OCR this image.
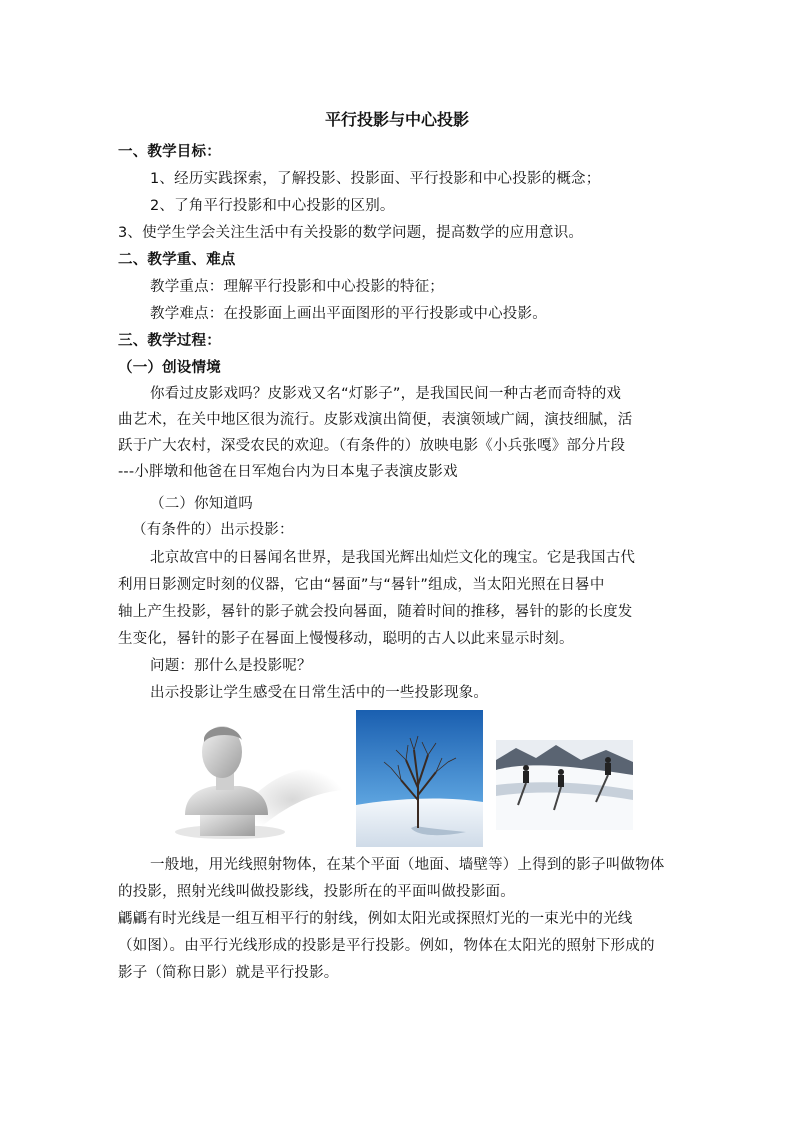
平行投影与中心投影
一、教学目标：
1、经历实践探索，了解投影、投影面、平行投影和中心投影的概念；
2、了角平行投影和中心投影的区别。
3、使学生学会关注生活中有关投影的数学问题，提高数学的应用意识。
二、教学重、难点
教学重点：理解平行投影和中心投影的特征；
教学难点：在投影面上画出平面图形的平行投影或中心投影。
三、教学过程：
（一）创设情境
你看过皮影戏吗？皮影戏又名“灯影子”，是我国民间一种古老而奇特的戏
曲艺术，在关中地区很为流行。皮影戏演出简便，表演领域广阔，演技细腻，活
跃于广大农村，深受农民的欢迎。（有条件的）放映电影《小兵张嘎》部分片段
---小胖墩和他爸在日军炮台内为日本鬼子表演皮影戏
（二）你知道吗
（有条件的）出示投影：
北京故宫中的日晷闻名世界，是我国光辉出灿烂文化的瑰宝。它是我国古代
利用日影测定时刻的仪器，它由“晷面”与“晷针”组成，当太阳光照在日晷中
轴上产生投影，晷针的影子就会投向晷面，随着时间的推移，晷针的影的长度发
生变化，晷针的影子在晷面上慢慢移动，聪明的古人以此来显示时刻。
问题：那什么是投影呢？
出示投影让学生感受在日常生活中的一些投影现象。
一般地，用光线照射物体，在某个平面（地面、墙壁等）上得到的影子叫做物体
的投影，照射光线叫做投影线，投影所在的平面叫做投影面。
騗騗有时光线是一组互相平行的射线，例如太阳光或探照灯光的一束光中的光线
（如图）。由平行光线形成的投影是平行投影。例如，物体在太阳光的照射下形成的
影子（简称日影）就是平行投影。
